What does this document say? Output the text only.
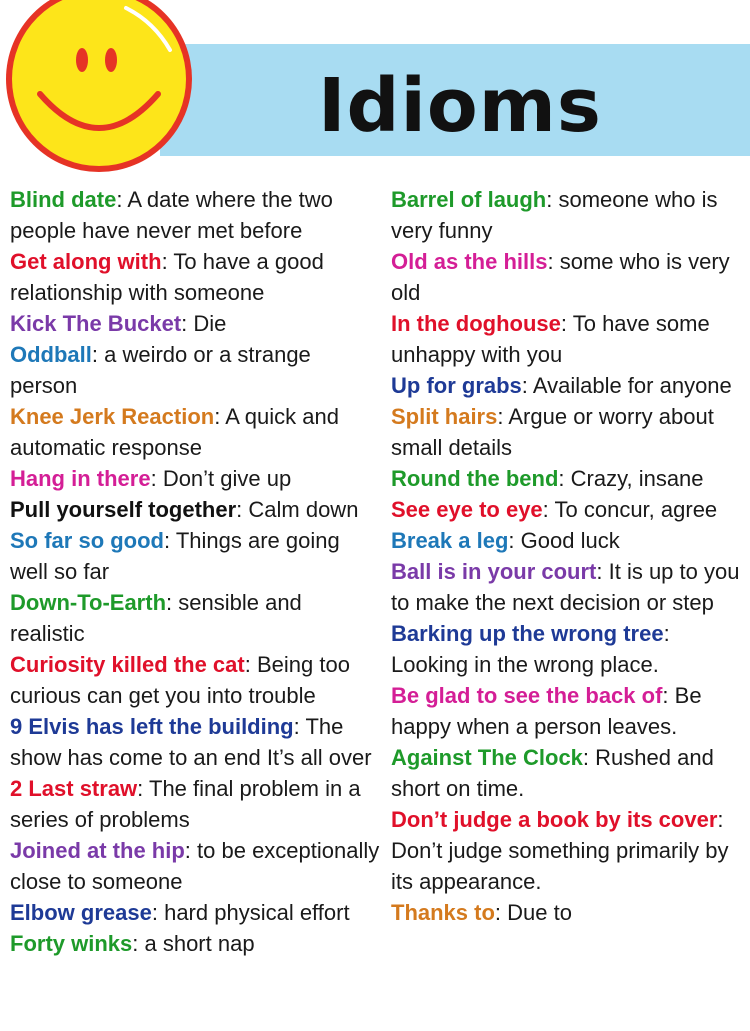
Idioms
Blind date: A date where the two people have never met before
Get along with: To have a good relationship with someone
Kick The Bucket: Die
Oddball: a weirdo or a strange person
Knee Jerk Reaction: A quick and automatic response
Hang in there: Don’t give up
Pull yourself together: Calm down
So far so good: Things are going well so far
Down-To-Earth: sensible and realistic
Curiosity killed the cat: Being too curious can get you into trouble
9 Elvis has left the building: The show has come to an end It’s all over
2 Last straw: The final problem in a series of problems
Joined at the hip: to be exceptionally close to someone
Elbow grease: hard physical effort
Forty winks: a short nap
Barrel of laugh: someone who is very funny
Old as the hills: some who is very old
In the doghouse: To have some unhappy with you
Up for grabs: Available for anyone
Split hairs: Argue or worry about small details
Round the bend: Crazy, insane
See eye to eye: To concur, agree
Break a leg: Good luck
Ball is in your court: It is up to you to make the next decision or step
Barking up the wrong tree: Looking in the wrong place.
Be glad to see the back of: Be happy when a person leaves.
Against The Clock: Rushed and short on time.
Don’t judge a book by its cover: Don’t judge something primarily by its appearance.
Thanks to: Due to
